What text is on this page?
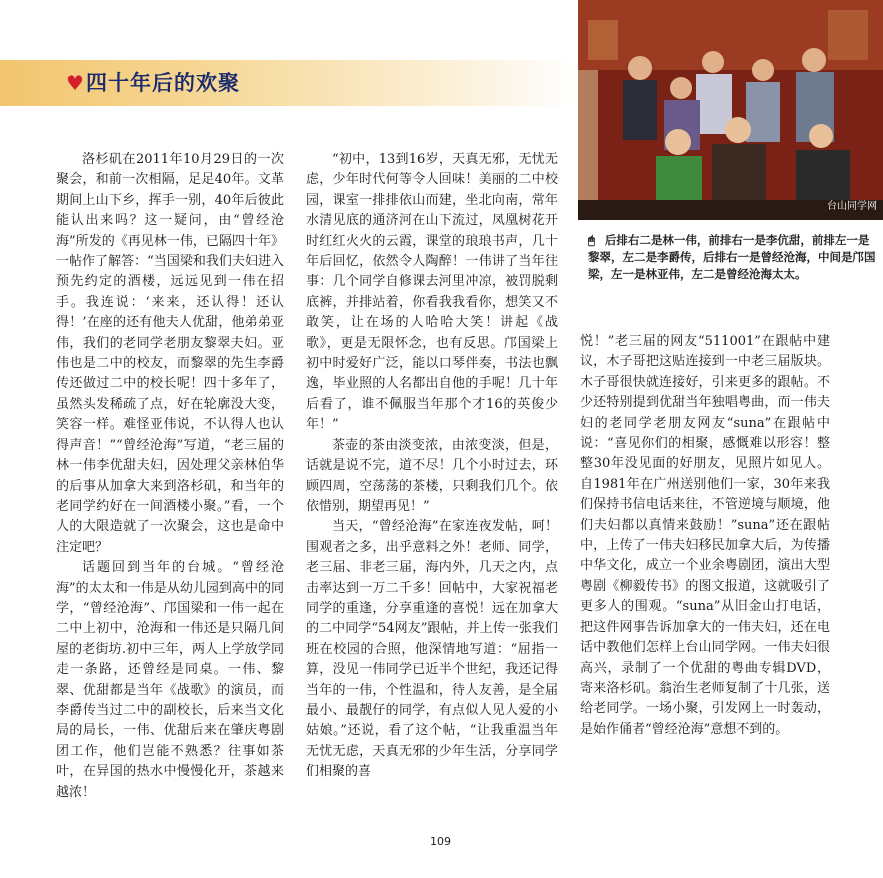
♥ 四十年后的欢聚
台山同学网
🖱 后排右二是林一伟，前排右一是李伉甜，前排左一是黎翠，左二是李爵传，后排右一是曾经沧海，中间是邝国梁，左一是林亚伟，左二是曾经沧海太太。

洛杉矶在2011年10月29日的一次聚会，和前一次相隔，足足40年。文革期间上山下乡，挥手一别，40年后彼此能认出来吗？这一疑问，由“曾经沧海”所发的《再见林一伟，已隔四十年》一帖作了解答：“当国梁和我们夫妇进入预先约定的酒楼，远远见到一伟在招手。我连说：‘来来，还认得！还认得！’在座的还有他夫人优甜，他弟弟亚伟，我们的老同学老朋友黎翠夫妇。亚伟也是二中的校友，而黎翠的先生李爵传还做过二中的校长呢！四十多年了，虽然头发稀疏了点，好在轮廓没大变，笑容一样。难怪亚伟说，不认得人也认得声音！”“曾经沧海”写道，“老三届的林一伟李优甜夫妇，因处理父亲林伯华的后事从加拿大来到洛杉矶，和当年的老同学约好在一间酒楼小聚。”看，一个人的大限造就了一次聚会，这也是命中注定吧？

话题回到当年的台城。“曾经沧海”的太太和一伟是从幼儿园到高中的同学，“曾经沧海”、邝国梁和一伟一起在二中上初中，沧海和一伟还是只隔几间屋的老街坊.初中三年，两人上学放学同走一条路，还曾经是同桌。一伟、黎翠、优甜都是当年《战歌》的演员，而李爵传当过二中的副校长，后来当文化局的局长，一伟、优甜后来在肇庆粤剧团工作，他们岂能不熟悉？往事如茶叶，在异国的热水中慢慢化开，茶越来越浓！

“初中，13到16岁，天真无邪，无忧无虑，少年时代何等令人回味！美丽的二中校园，课室一排排依山而建，坐北向南，常年水清见底的通济河在山下流过，凤凰树花开时红红火火的云霞，课堂的琅琅书声，几十年后回忆，依然令人陶醉！一伟讲了当年往事：几个同学自修课去河里冲凉，被罚脱剩底裤，并排站着，你看我我看你，想笑又不敢笑，让在场的人哈哈大笑！讲起《战歌》，更是无限怀念，也有反思。邝国梁上初中时爱好广泛，能以口琴伴奏，书法也飘逸，毕业照的人名都出自他的手呢！几十年后看了，谁不佩服当年那个才16的英俊少年！”

茶壶的茶由淡变浓，由浓变淡，但是，话就是说不完，道不尽！几个小时过去，环顾四周，空荡荡的茶楼，只剩我们几个。依依惜别，期望再见！”

当天，“曾经沧海”在家连夜发帖，呵！围观者之多，出乎意料之外！老师、同学，老三届、非老三届，海内外，几天之内，点击率达到一万二千多！回帖中，大家祝福老同学的重逢，分享重逢的喜悦！远在加拿大的二中同学“54网友”跟帖，并上传一张我们班在校园的合照，他深情地写道：“屈指一算，没见一伟同学已近半个世纪，我还记得当年的一伟，个性温和，待人友善，是全届最小、最靓仔的同学，有点似人见人爱的小姑娘。”还说，看了这个帖，“让我重温当年无忧无虑，天真无邪的少年生活，分享同学们相聚的喜

悦！”老三届的网友“511001”在跟帖中建议，木子哥把这贴连接到一中老三届版块。木子哥很快就连接好，引来更多的跟帖。不少还特别提到优甜当年独唱粤曲，而一伟夫妇的老同学老朋友网友“suna”在跟帖中说：“喜见你们的相聚，感慨难以形容！整整30年没见面的好朋友，见照片如见人。自1981年在广州送别他们一家，30年来我们保持书信电话来往，不管逆境与顺境，他们夫妇都以真情来鼓励！”suna”还在跟帖中，上传了一伟夫妇移民加拿大后，为传播中华文化，成立一个业余粤剧团，演出大型粤剧《柳毅传书》的图文报道，这就吸引了更多人的围观。“suna”从旧金山打电话，把这件网事告诉加拿大的一伟夫妇，还在电话中教他们怎样上台山同学网。一伟夫妇很高兴，录制了一个优甜的粤曲专辑DVD，寄来洛杉矶。翁治生老师复制了十几张，送给老同学。一场小聚，引发网上一时轰动，是始作俑者“曾经沧海”意想不到的。

109
